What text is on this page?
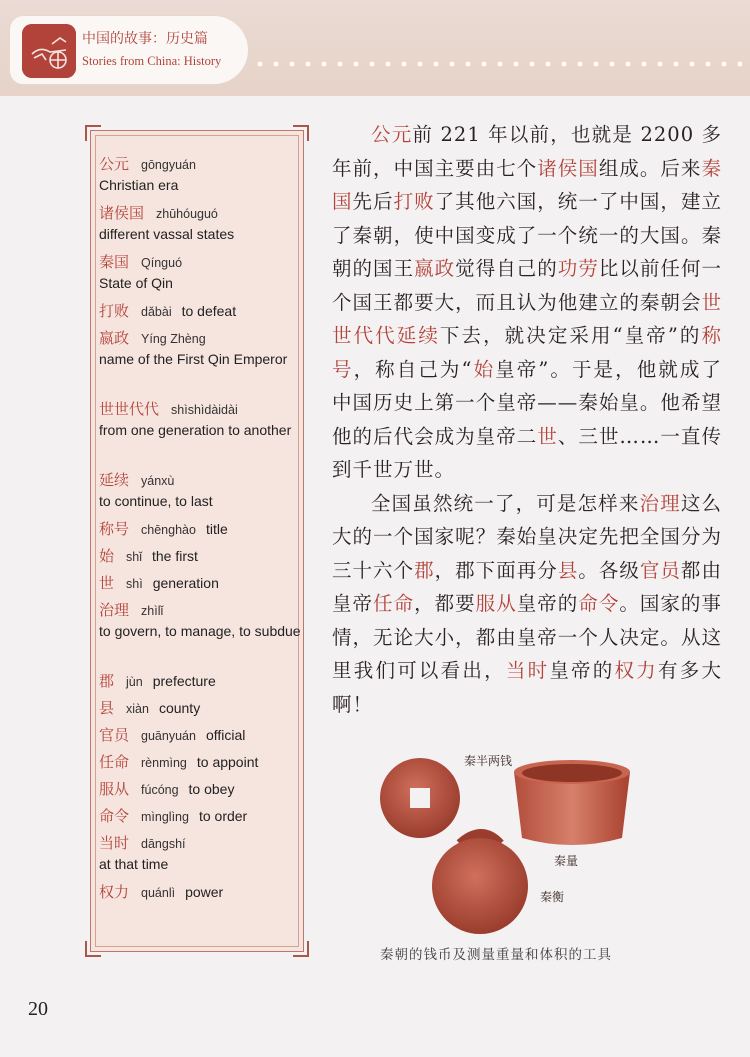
中国的故事：历史篇
Stories from China: History
公元 gōngyuán
Christian era
诸侯国 zhūhóuguó
different vassal states
秦国 Qínguó
State of Qin
打败 dǎbài to defeat
嬴政 Yíng Zhèng
name of the First Qin Emperor
世世代代 shìshìdàidài
from one generation to another
延续 yánxù
to continue, to last
称号 chēnghào title
始 shǐ the first
世 shì generation
治理 zhìlǐ
to govern, to manage, to subdue
郡 jùn prefecture
县 xiàn county
官员 guānyuán official
任命 rènmìng to appoint
服从 fúcóng to obey
命令 mìnglìng to order
当时 dāngshí
at that time
权力 quánlì power

公元前 221 年以前，也就是 2200 多年前，中国主要由七个诸侯国组成。后来秦国先后打败了其他六国，统一了中国，建立了秦朝，使中国变成了一个统一的大国。秦朝的国王嬴政觉得自己的功劳比以前任何一个国王都要大，而且认为他建立的秦朝会世世代代延续下去，就决定采用“皇帝”的称号，称自己为“始皇帝”。于是，他就成了中国历史上第一个皇帝——秦始皇。他希望他的后代会成为皇帝二世、三世……一直传到千世万世。

全国虽然统一了，可是怎样来治理这么大的一个国家呢？秦始皇决定先把全国分为三十六个郡，郡下面再分县。各级官员都由皇帝任命，都要服从皇帝的命令。国家的事情，无论大小，都由皇帝一个人决定。从这里我们可以看出，当时皇帝的权力有多大啊！

秦半两钱
秦量
秦衡
秦朝的钱币及测量重量和体积的工具
20
